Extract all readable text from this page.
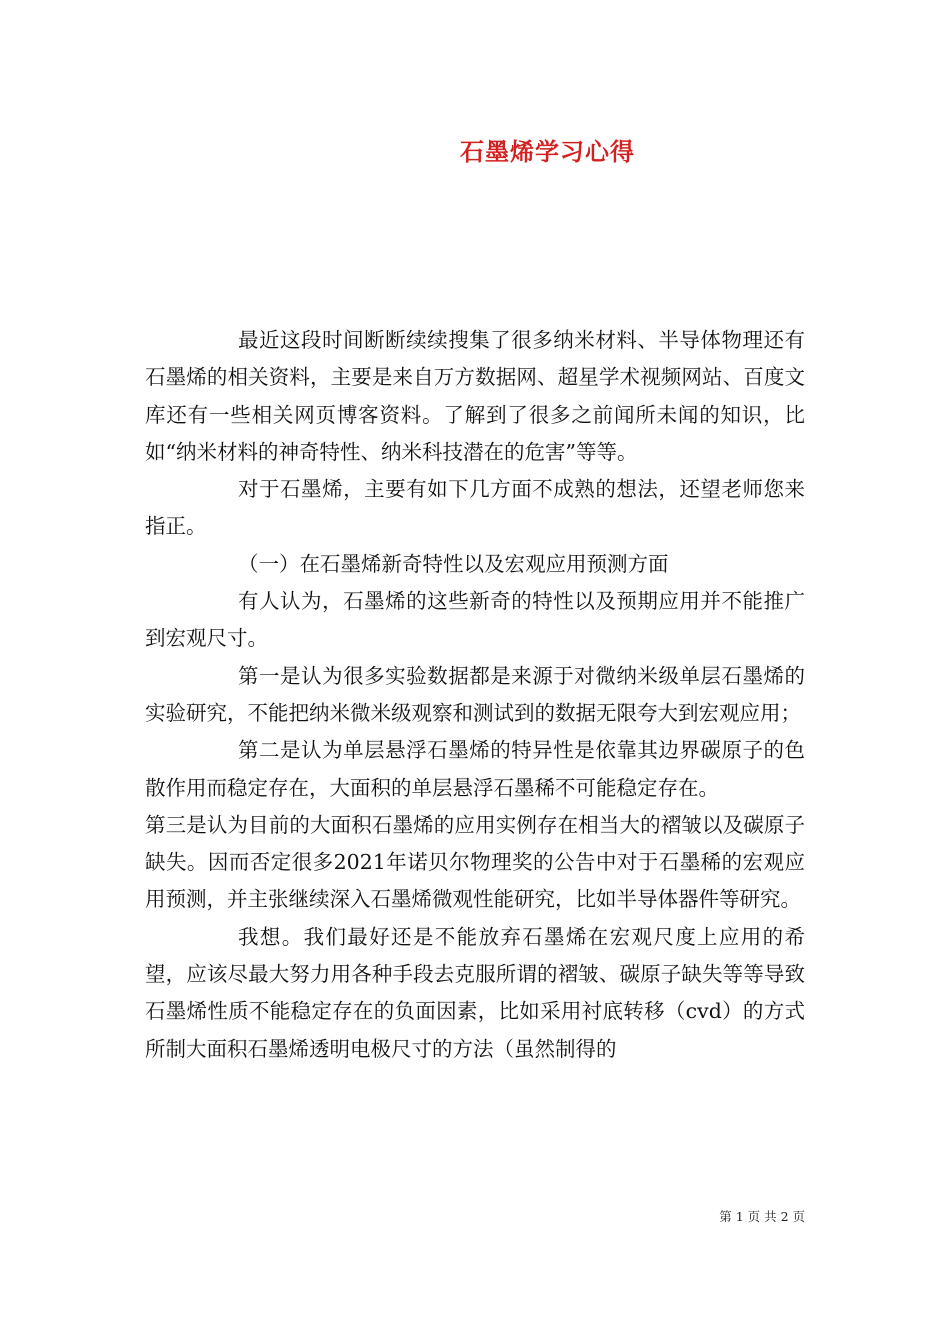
石墨烯学习心得

最近这段时间断断续续搜集了很多纳米材料、半导体物理还有石墨烯的相关资料，主要是来自万方数据网、超星学术视频网站、百度文库还有一些相关网页博客资料。了解到了很多之前闻所未闻的知识，比如“纳米材料的神奇特性、纳米科技潜在的危害”等等。

对于石墨烯，主要有如下几方面不成熟的想法，还望老师您来指正。

（一）在石墨烯新奇特性以及宏观应用预测方面

有人认为，石墨烯的这些新奇的特性以及预期应用并不能推广到宏观尺寸。

第一是认为很多实验数据都是来源于对微纳米级单层石墨烯的实验研究，不能把纳米微米级观察和测试到的数据无限夸大到宏观应用；

第二是认为单层悬浮石墨烯的特异性是依靠其边界碳原子的色散作用而稳定存在，大面积的单层悬浮石墨稀不可能稳定存在。

第三是认为目前的大面积石墨烯的应用实例存在相当大的褶皱以及碳原子缺失。因而否定很多2021年诺贝尔物理奖的公告中对于石墨稀的宏观应用预测，并主张继续深入石墨烯微观性能研究，比如半导体器件等研究。

我想。我们最好还是不能放弃石墨烯在宏观尺度上应用的希望，应该尽最大努力用各种手段去克服所谓的褶皱、碳原子缺失等等导致石墨烯性质不能稳定存在的负面因素，比如采用衬底转移（cvd）的方式所制大面积石墨烯透明电极尺寸的方法（虽然制得的

第 1 页 共 2 页
